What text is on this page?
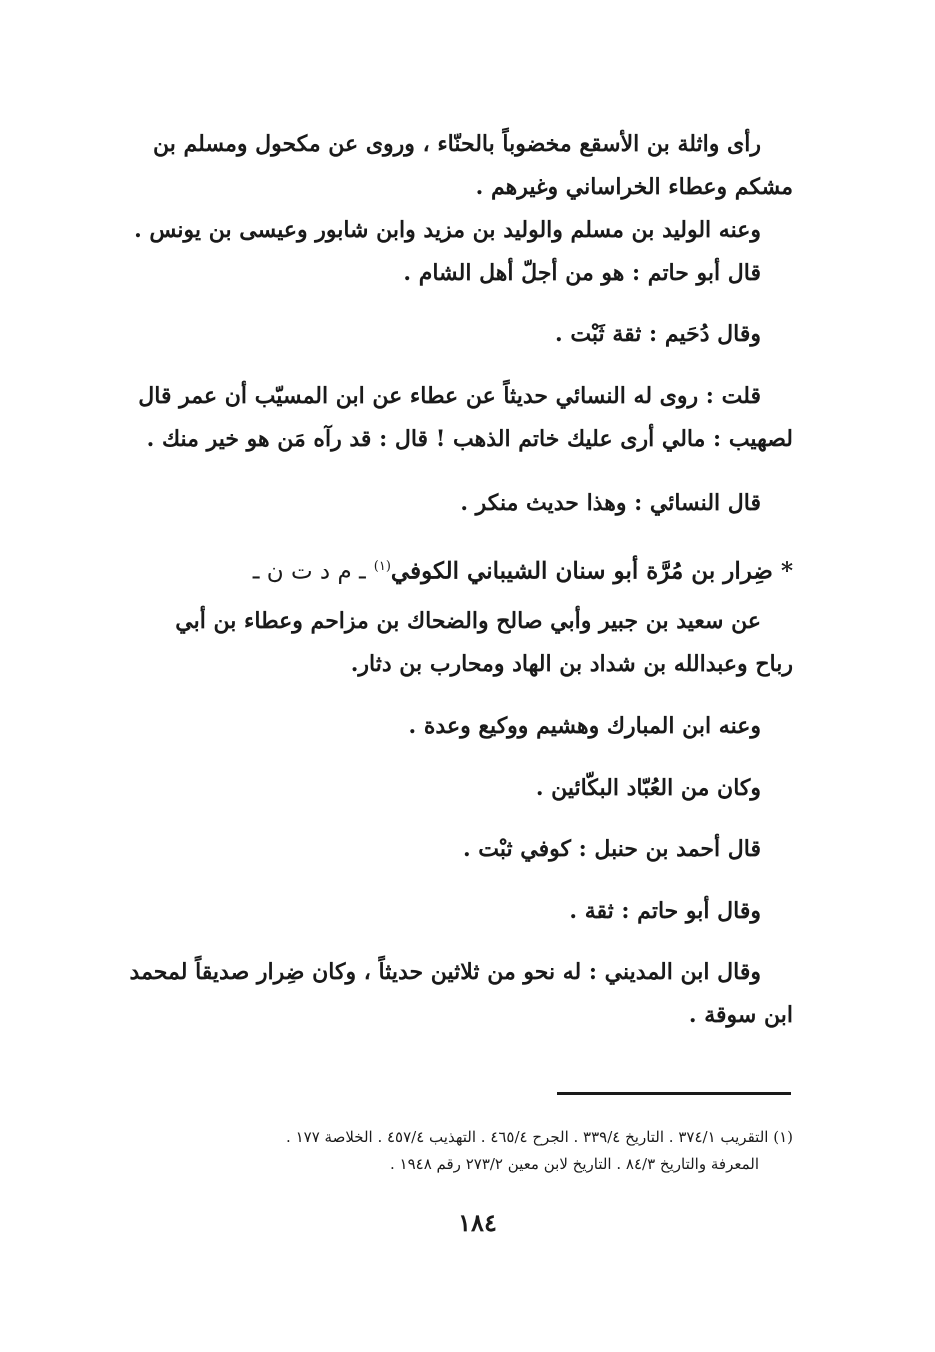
رأى واثلة بن الأسقع مخضوباً بالحنّاء ، وروى عن مكحول ومسلم بن
مشكم وعطاء الخراساني وغيرهم .
وعنه الوليد بن مسلم والوليد بن مزيد وابن شابور وعيسى بن يونس .
قال أبو حاتم : هو من أجلّ أهل الشام .
وقال دُحَيم : ثقة ثَبْت .
قلت : روى له النسائي حديثاً عن عطاء عن ابن المسيّب أن عمر قال
لصهيب : مالي أرى عليك خاتم الذهب ! قال : قد رآه مَن هو خير منك .
قال النسائي : وهذا حديث منكر .
* ضِرار بن مُرَّة أبو سنان الشيباني الكوفي$^{(١)}$ ـ م د ت ن ـ
عن سعيد بن جبير وأبي صالح والضحاك بن مزاحم وعطاء بن أبي
رباح وعبدالله بن شداد بن الهاد ومحارب بن دثار.
وعنه ابن المبارك وهشيم ووكيع وعدة .
وكان من العُبّاد البكّائين .
قال أحمد بن حنبل : كوفي ثبْت .
وقال أبو حاتم : ثقة .
وقال ابن المديني : له نحو من ثلاثين حديثاً ، وكان ضِرار صديقاً لمحمد
ابن سوقة .
(١) التقريب ٣٧٤/١ . التاريخ ٣٣٩/٤ . الجرح ٤٦٥/٤ . التهذيب ٤٥٧/٤ . الخلاصة ١٧٧ .
المعرفة والتاريخ ٨٤/٣ . التاريخ لابن معين ٢٧٣/٢ رقم ١٩٤٨ .
١٨٤
